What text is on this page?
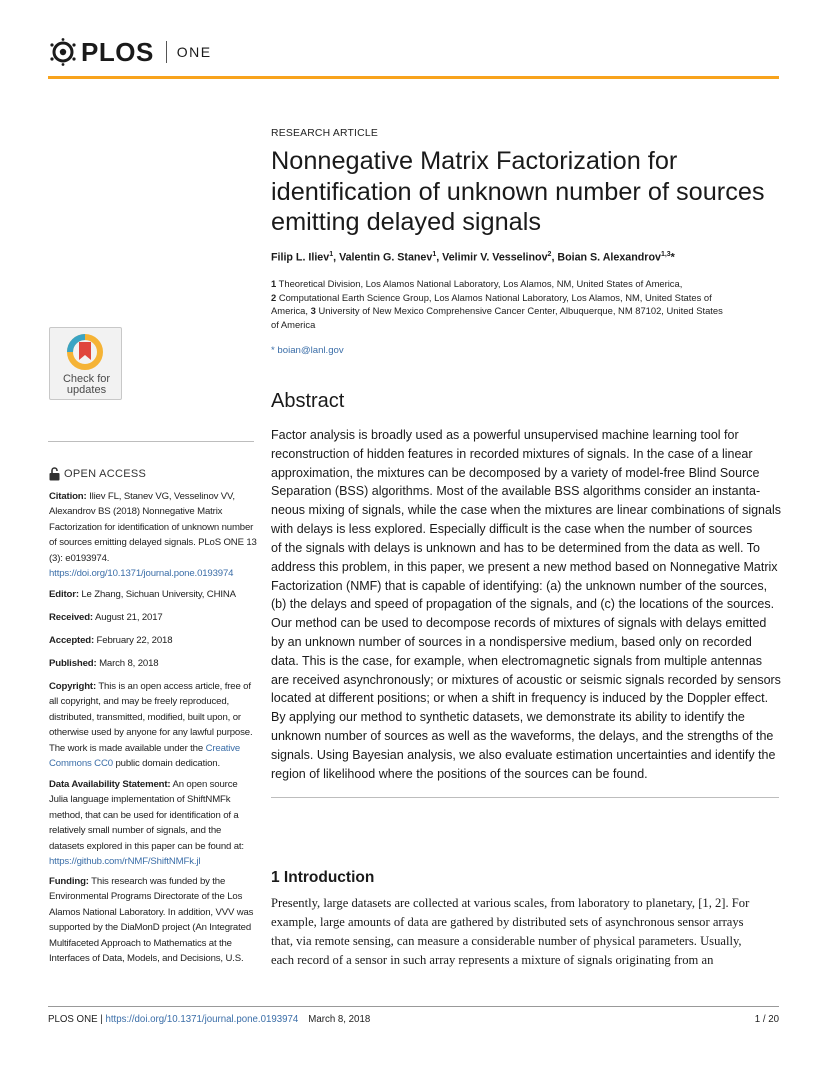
PLOS ONE
Check for
updates
OPEN ACCESS
Citation: Iliev FL, Stanev VG, Vesselinov VV, Alexandrov BS (2018) Nonnegative Matrix Factorization for identification of unknown number of sources emitting delayed signals. PLoS ONE 13 (3): e0193974. https://doi.org/10.1371/journal.pone.0193974
Editor: Le Zhang, Sichuan University, CHINA
Received: August 21, 2017
Accepted: February 22, 2018
Published: March 8, 2018
Copyright: This is an open access article, free of all copyright, and may be freely reproduced, distributed, transmitted, modified, built upon, or otherwise used by anyone for any lawful purpose. The work is made available under the Creative Commons CC0 public domain dedication.
Data Availability Statement: An open source Julia language implementation of ShiftNMFk method, that can be used for identification of a relatively small number of signals, and the datasets explored in this paper can be found at: https://github.com/rNMF/ShiftNMFk.jl
Funding: This research was funded by the Environmental Programs Directorate of the Los Alamos National Laboratory. In addition, VVV was supported by the DiaMonD project (An Integrated Multifaceted Approach to Mathematics at the Interfaces of Data, Models, and Decisions, U.S.
RESEARCH ARTICLE
Nonnegative Matrix Factorization for
identification of unknown number of sources
emitting delayed signals
Filip L. Iliev$^1$, Valentin G. Stanev$^1$, Velimir V. Vesselinov$^2$, Boian S. Alexandrov$^{1,3}$*
1 Theoretical Division, Los Alamos National Laboratory, Los Alamos, NM, United States of America,
2 Computational Earth Science Group, Los Alamos National Laboratory, Los Alamos, NM, United States of
America, 3 University of New Mexico Comprehensive Cancer Center, Albuquerque, NM 87102, United States
of America
* boian@lanl.gov
Abstract
Factor analysis is broadly used as a powerful unsupervised machine learning tool for
reconstruction of hidden features in recorded mixtures of signals. In the case of a linear
approximation, the mixtures can be decomposed by a variety of model-free Blind Source
Separation (BSS) algorithms. Most of the available BSS algorithms consider an instanta-
neous mixing of signals, while the case when the mixtures are linear combinations of signals
with delays is less explored. Especially difficult is the case when the number of sources
of the signals with delays is unknown and has to be determined from the data as well. To
address this problem, in this paper, we present a new method based on Nonnegative Matrix
Factorization (NMF) that is capable of identifying: (a) the unknown number of the sources,
(b) the delays and speed of propagation of the signals, and (c) the locations of the sources.
Our method can be used to decompose records of mixtures of signals with delays emitted
by an unknown number of sources in a nondispersive medium, based only on recorded
data. This is the case, for example, when electromagnetic signals from multiple antennas
are received asynchronously; or mixtures of acoustic or seismic signals recorded by sensors
located at different positions; or when a shift in frequency is induced by the Doppler effect.
By applying our method to synthetic datasets, we demonstrate its ability to identify the
unknown number of sources as well as the waveforms, the delays, and the strengths of the
signals. Using Bayesian analysis, we also evaluate estimation uncertainties and identify the
region of likelihood where the positions of the sources can be found.
1 Introduction
Presently, large datasets are collected at various scales, from laboratory to planetary, [1, 2]. For
example, large amounts of data are gathered by distributed sets of asynchronous sensor arrays
that, via remote sensing, can measure a considerable number of physical parameters. Usually,
each record of a sensor in such array represents a mixture of signals originating from an
PLOS ONE
|
https://doi.org/10.1371/journal.pone.0193974 March 8, 2018	1 / 20
